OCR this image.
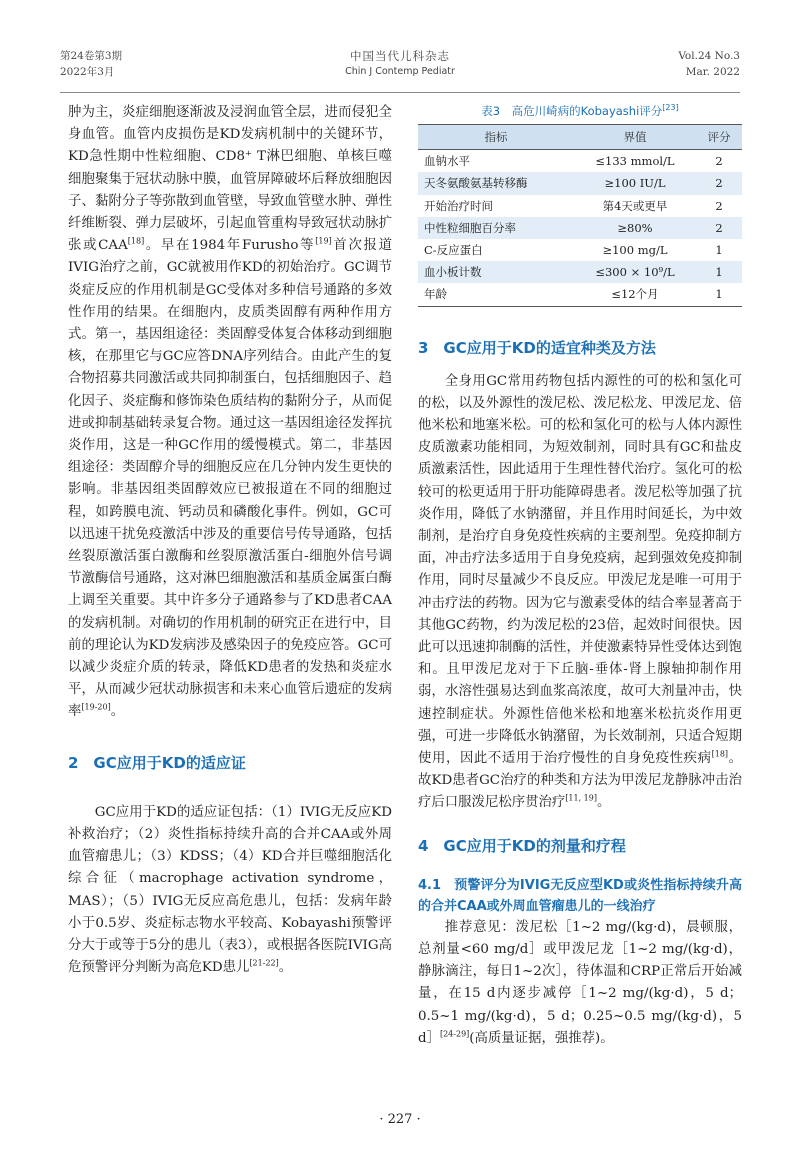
第24卷第3期
2022年3月
中国当代儿科杂志
Chin J Contemp Pediatr
Vol.24 No.3
Mar. 2022

肿为主，炎症细胞逐渐波及浸润血管全层，进而侵犯全身血管。血管内皮损伤是KD发病机制中的关键环节，KD急性期中性粒细胞、CD8⁺ T淋巴细胞、单核巨噬细胞聚集于冠状动脉中膜，血管屏障破坏后释放细胞因子、黏附分子等弥散到血管壁，导致血管壁水肿、弹性纤维断裂、弹力层破坏，引起血管重构导致冠状动脉扩张或CAA[18]。早在1984年Furusho等[19]首次报道IVIG治疗之前，GC就被用作KD的初始治疗。GC调节炎症反应的作用机制是GC受体对多种信号通路的多效性作用的结果。在细胞内，皮质类固醇有两种作用方式。第一，基因组途径：类固醇受体复合体移动到细胞核，在那里它与GC应答DNA序列结合。由此产生的复合物招募共同激活或共同抑制蛋白，包括细胞因子、趋化因子、炎症酶和修饰染色质结构的黏附分子，从而促进或抑制基础转录复合物。通过这一基因组途径发挥抗炎作用，这是一种GC作用的缓慢模式。第二，非基因组途径：类固醇介导的细胞反应在几分钟内发生更快的影响。非基因组类固醇效应已被报道在不同的细胞过程，如跨膜电流、钙动员和磷酸化事件。例如，GC可以迅速干扰免疫激活中涉及的重要信号传导通路，包括丝裂原激活蛋白激酶和丝裂原激活蛋白-细胞外信号调节激酶信号通路，这对淋巴细胞激活和基质金属蛋白酶上调至关重要。其中许多分子通路参与了KD患者CAA的发病机制。对确切的作用机制的研究正在进行中，目前的理论认为KD发病涉及感染因子的免疫应答。GC可以减少炎症介质的转录，降低KD患者的发热和炎症水平，从而减少冠状动脉损害和未来心血管后遗症的发病率[19-20]。

2　GC应用于KD的适应证

GC应用于KD的适应证包括：（1）IVIG无反应KD补救治疗；（2）炎性指标持续升高的合并CAA或外周血管瘤患儿；（3）KDSS；（4）KD合并巨噬细胞活化综合征（macrophage activation syndrome，MAS）；（5）IVIG无反应高危患儿，包括：发病年龄小于0.5岁、炎症标志物水平较高、Kobayashi预警评分大于或等于5分的患儿（表3），或根据各医院IVIG高危预警评分判断为高危KD患儿[21-22]。

表3　高危川崎病的Kobayashi评分[23]
指标	界值	评分
血钠水平	≤133 mmol/L	2
天冬氨酸氨基转移酶	≥100 IU/L	2
开始治疗时间	第4天或更早	2
中性粒细胞百分率	≥80%	2
C-反应蛋白	≥100 mg/L	1
血小板计数	≤300 × 10⁹/L	1
年龄	≤12个月	1
3　GC应用于KD的适宜种类及方法

全身用GC常用药物包括内源性的可的松和氢化可的松，以及外源性的泼尼松、泼尼松龙、甲泼尼龙、倍他米松和地塞米松。可的松和氢化可的松与人体内源性皮质激素功能相同，为短效制剂，同时具有GC和盐皮质激素活性，因此适用于生理性替代治疗。氢化可的松较可的松更适用于肝功能障碍患者。泼尼松等加强了抗炎作用，降低了水钠潴留，并且作用时间延长，为中效制剂，是治疗自身免疫性疾病的主要剂型。免疫抑制方面，冲击疗法多适用于自身免疫病，起到强效免疫抑制作用，同时尽量减少不良反应。甲泼尼龙是唯一可用于冲击疗法的药物。因为它与激素受体的结合率显著高于其他GC药物，约为泼尼松的23倍，起效时间很快。因此可以迅速抑制酶的活性，并使激素特异性受体达到饱和。且甲泼尼龙对于下丘脑-垂体-肾上腺轴抑制作用弱，水溶性强易达到血浆高浓度，故可大剂量冲击，快速控制症状。外源性倍他米松和地塞米松抗炎作用更强，可进一步降低水钠潴留，为长效制剂，只适合短期使用，因此不适用于治疗慢性的自身免疫性疾病[18]。故KD患者GC治疗的种类和方法为甲泼尼龙静脉冲击治疗后口服泼尼松序贯治疗[11, 19]。

4　GC应用于KD的剂量和疗程
4.1　预警评分为IVIG无反应型KD或炎性指标持续升高的合并CAA或外周血管瘤患儿的一线治疗

推荐意见：泼尼松［1~2 mg/(kg·d)，晨顿服，总剂量<60 mg/d］或甲泼尼龙［1~2 mg/(kg·d)，静脉滴注，每日1~2次］，待体温和CRP正常后开始减量，在15 d内逐步减停［1~2 mg/(kg·d)，5 d；0.5~1 mg/(kg·d)，5 d；0.25~0.5 mg/(kg·d)，5 d］[24-29](高质量证据，强推荐)。

· 227 ·
